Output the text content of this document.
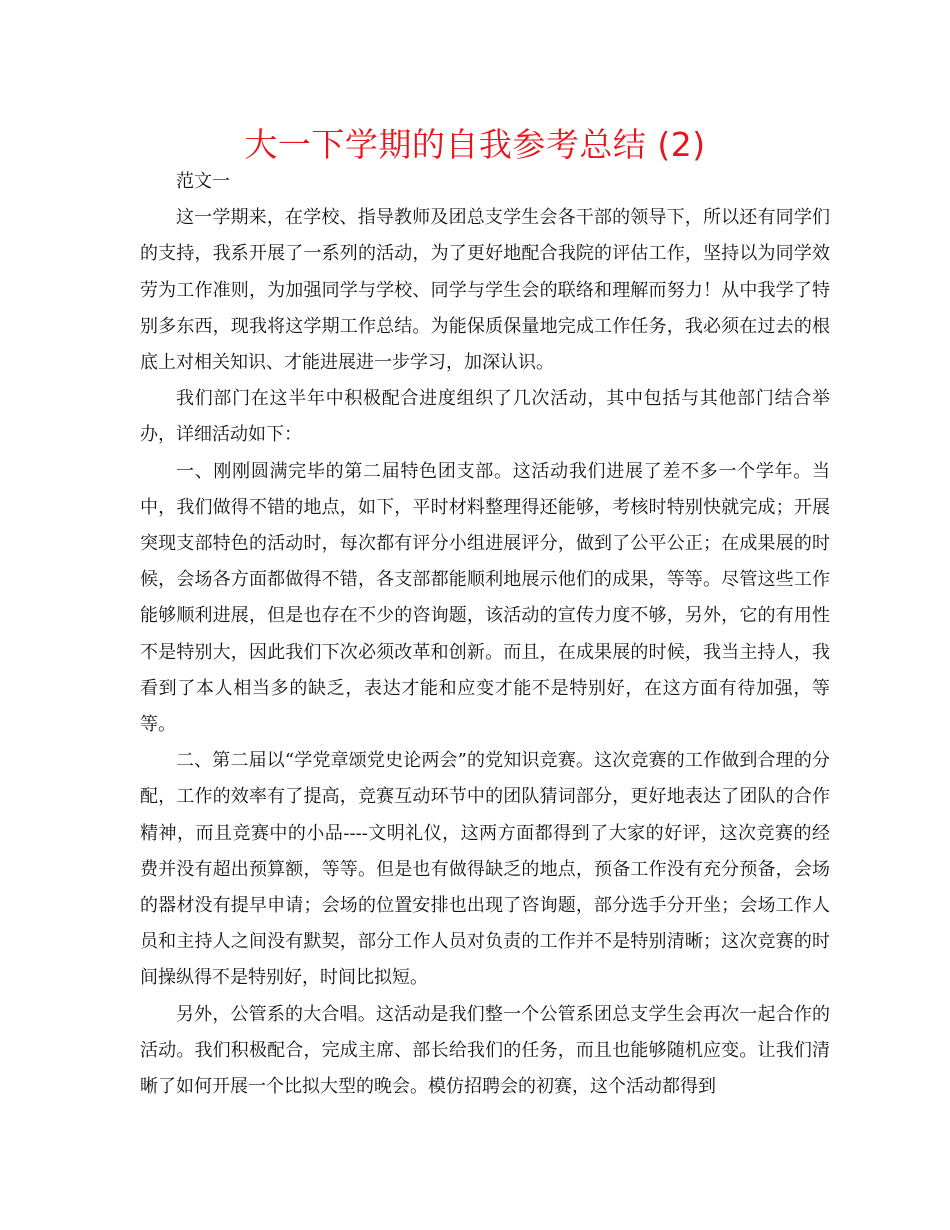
大一下学期的自我参考总结 (2)

范文一

这一学期来，在学校、指导教师及团总支学生会各干部的领导下，所以还有同学们的支持，我系开展了一系列的活动，为了更好地配合我院的评估工作，坚持以为同学效劳为工作准则，为加强同学与学校、同学与学生会的联络和理解而努力！从中我学了特别多东西，现我将这学期工作总结。为能保质保量地完成工作任务，我必须在过去的根底上对相关知识、才能进展进一步学习，加深认识。

我们部门在这半年中积极配合进度组织了几次活动，其中包括与其他部门结合举办，详细活动如下：

一、刚刚圆满完毕的第二届特色团支部。这活动我们进展了差不多一个学年。当中，我们做得不错的地点，如下，平时材料整理得还能够，考核时特别快就完成；开展突现支部特色的活动时，每次都有评分小组进展评分，做到了公平公正；在成果展的时候，会场各方面都做得不错，各支部都能顺利地展示他们的成果，等等。尽管这些工作能够顺利进展，但是也存在不少的咨询题，该活动的宣传力度不够，另外，它的有用性不是特别大，因此我们下次必须改革和创新。而且，在成果展的时候，我当主持人，我看到了本人相当多的缺乏，表达才能和应变才能不是特别好，在这方面有待加强，等等。

二、第二届以“学党章颂党史论两会”的党知识竞赛。这次竞赛的工作做到合理的分配，工作的效率有了提高，竞赛互动环节中的团队猜词部分，更好地表达了团队的合作精神，而且竞赛中的小品----文明礼仪，这两方面都得到了大家的好评，这次竞赛的经费并没有超出预算额，等等。但是也有做得缺乏的地点，预备工作没有充分预备，会场的器材没有提早申请；会场的位置安排也出现了咨询题，部分选手分开坐；会场工作人员和主持人之间没有默契，部分工作人员对负责的工作并不是特别清晰；这次竞赛的时间操纵得不是特别好，时间比拟短。

另外，公管系的大合唱。这活动是我们整一个公管系团总支学生会再次一起合作的活动。我们积极配合，完成主席、部长给我们的任务，而且也能够随机应变。让我们清晰了如何开展一个比拟大型的晚会。模仿招聘会的初赛，这个活动都得到
